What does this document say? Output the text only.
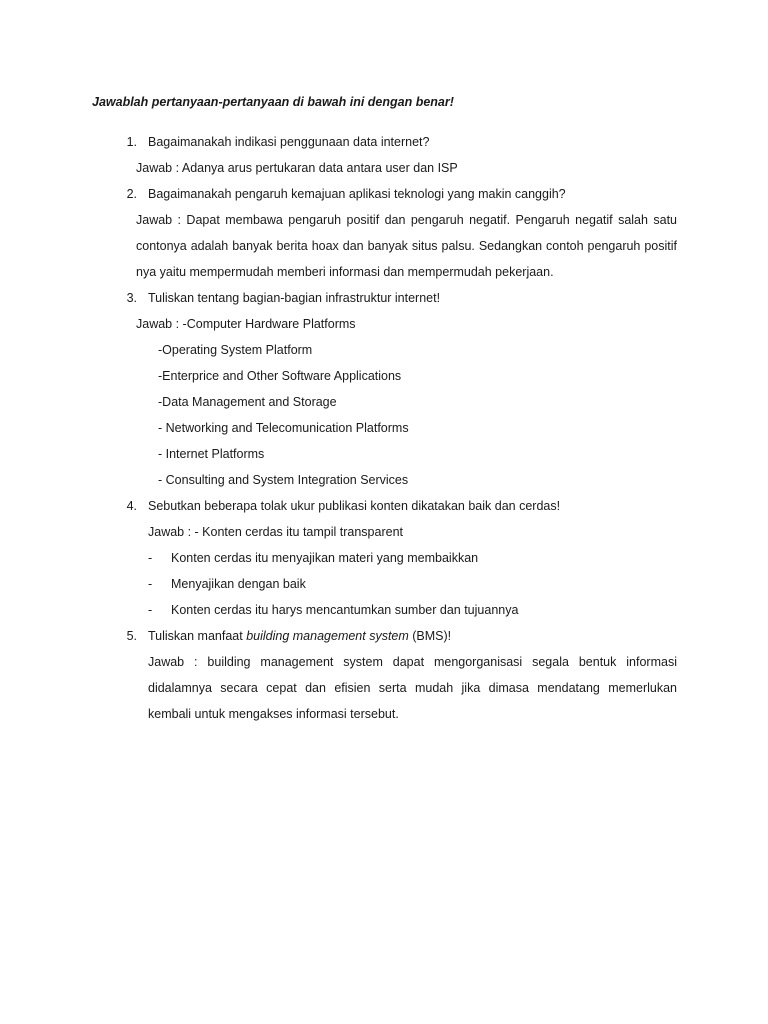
Jawablah pertanyaan-pertanyaan di bawah ini dengan benar!
1. Bagaimanakah indikasi penggunaan data internet?
Jawab : Adanya arus pertukaran data antara user dan ISP
2. Bagaimanakah pengaruh kemajuan aplikasi teknologi yang makin canggih?
Jawab : Dapat membawa pengaruh positif dan pengaruh negatif. Pengaruh negatif salah satu
contonya adalah banyak berita hoax dan banyak situs palsu. Sedangkan contoh pengaruh positif
nya yaitu mempermudah memberi informasi dan mempermudah pekerjaan.
3. Tuliskan tentang bagian-bagian infrastruktur internet!
Jawab : -Computer Hardware Platforms
-Operating System Platform
-Enterprice and Other Software Applications
-Data Management and Storage
- Networking and Telecomunication Platforms
- Internet Platforms
- Consulting and System Integration Services
4. Sebutkan beberapa tolak ukur publikasi konten dikatakan baik dan cerdas!
Jawab : - Konten cerdas itu tampil transparent
- Konten cerdas itu menyajikan materi yang membaikkan
- Menyajikan dengan baik
- Konten cerdas itu harys mencantumkan sumber dan tujuannya
5. Tuliskan manfaat building management system (BMS)!
Jawab : building management system dapat mengorganisasi segala bentuk informasi
didalamnya secara cepat dan efisien serta mudah jika dimasa mendatang memerlukan
kembali untuk mengakses informasi tersebut.
